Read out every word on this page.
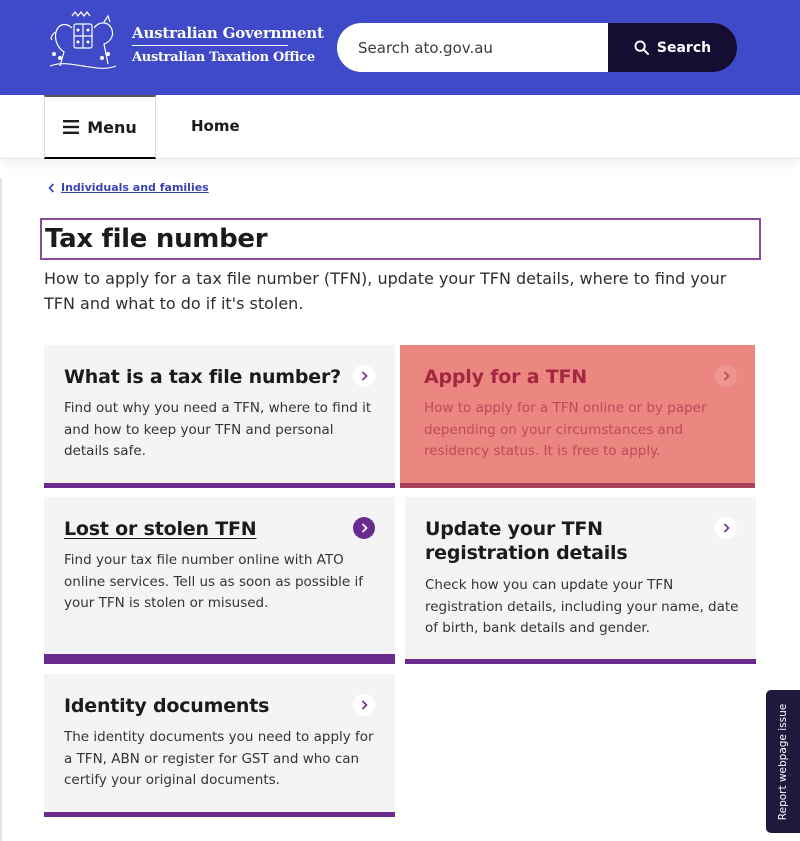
Australian Government
Australian Taxation Office
Search ato.gov.au
Search
Menu	Home
Individuals and families
Tax file number

How to apply for a tax file number (TFN), update your TFN details, where to find your TFN and what to do if it's stolen.

What is a tax file number?
Find out why you need a TFN, where to find it and how to keep your TFN and personal details safe.
Apply for a TFN
How to apply for a TFN online or by paper depending on your circumstances and residency status. It is free to apply.
Lost or stolen TFN
Find your tax file number online with ATO online services. Tell us as soon as possible if your TFN is stolen or misused.
Update your TFN registration details
Check how you can update your TFN registration details, including your name, date of birth, bank details and gender.
Identity documents
The identity documents you need to apply for a TFN, ABN or register for GST and who can certify your original documents.	Report webpage issue
